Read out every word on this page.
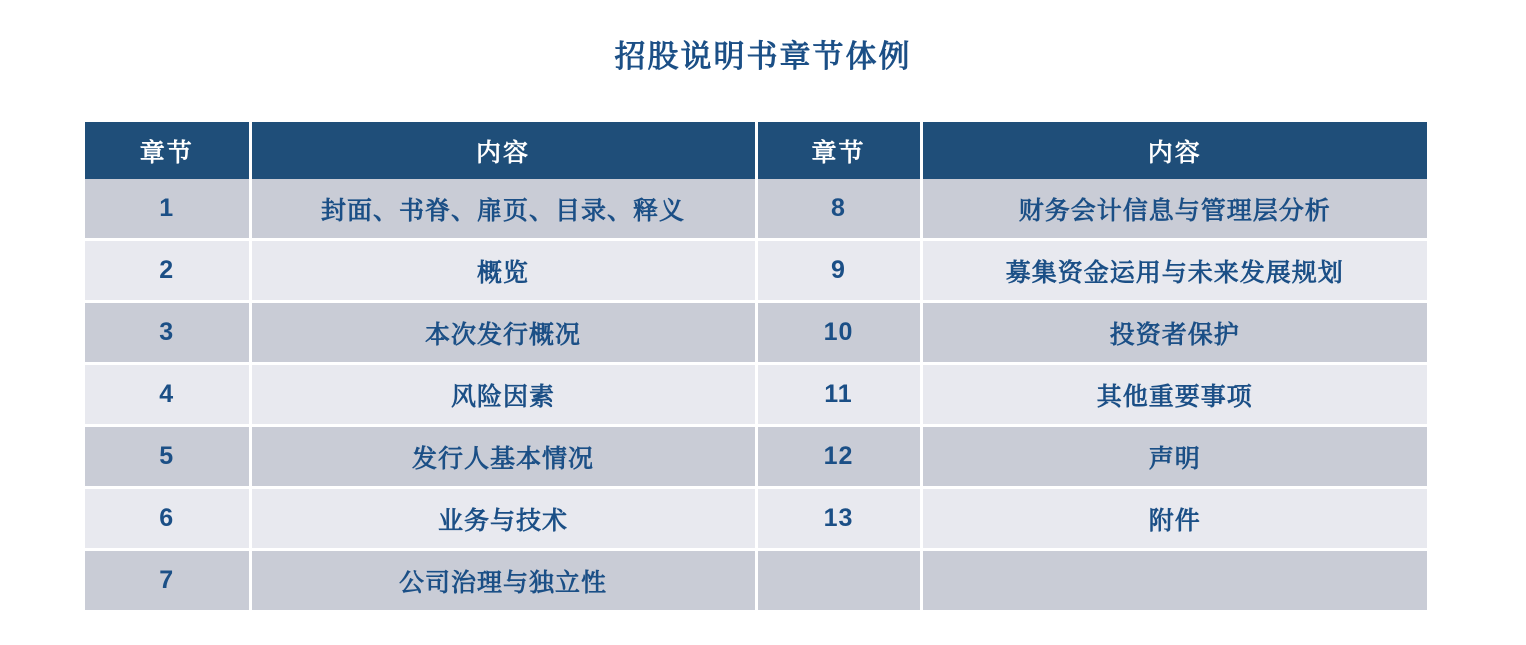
招股说明书章节体例
章节	内容	章节	内容
1	封面、书脊、扉页、目录、释义	8	财务会计信息与管理层分析
2	概览	9	募集资金运用与未来发展规划
3	本次发行概况	10	投资者保护
4	风险因素	11	其他重要事项
5	发行人基本情况	12	声明
6	业务与技术	13	附件
7	公司治理与独立性		
